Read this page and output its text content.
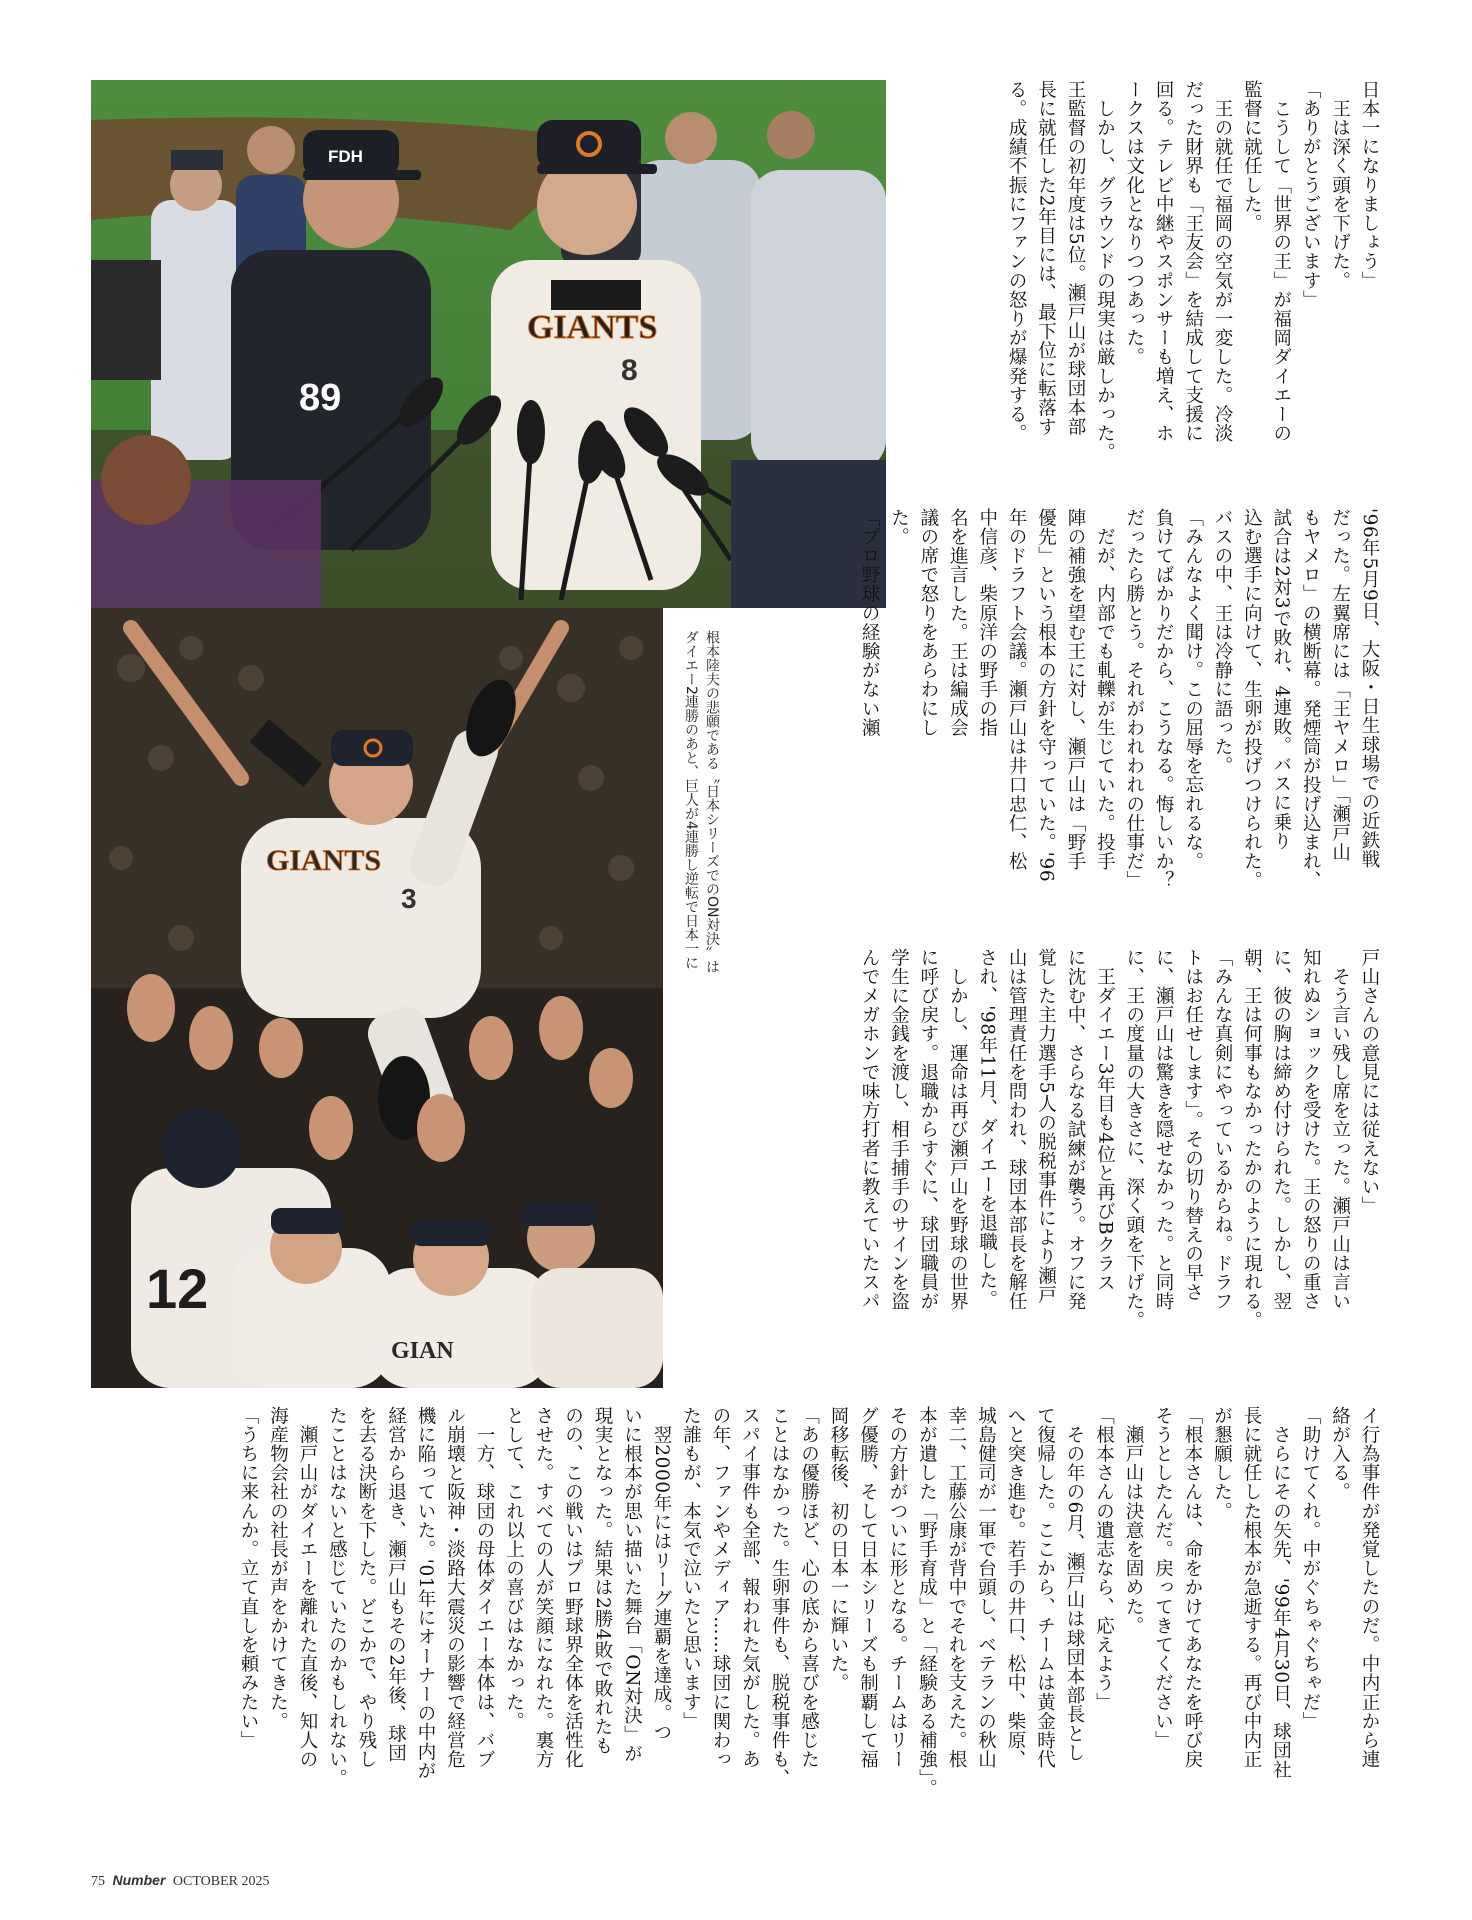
FDH
89
GIANTS
8
GIANTS
3
12
GIAN
根本陸夫の悲願である〝日本シリーズでのON対決〟は
ダイエー2連勝のあと、巨人が4連勝し逆転で日本一に
日本一になりましょう」
　王は深く頭を下げた。
「ありがとうございます」
　こうして「世界の王」が福岡ダイエーの
監督に就任した。
　王の就任で福岡の空気が一変した。冷淡
だった財界も「王友会」を結成して支援に
回る。テレビ中継やスポンサーも増え、ホ
ークスは文化となりつつあった。
　しかし、グラウンドの現実は厳しかった。
王監督の初年度は5位。瀬戸山が球団本部
長に就任した2年目には、最下位に転落す
る。成績不振にファンの怒りが爆発する。
'96年5月9日、大阪・日生球場での近鉄戦
だった。左翼席には「王ヤメロ」「瀬戸山
もヤメロ」の横断幕。発煙筒が投げ込まれ、
試合は2対3で敗れ、4連敗。バスに乗り
込む選手に向けて、生卵が投げつけられた。
バスの中、王は冷静に語った。
「みんなよく聞け。この屈辱を忘れるな。
負けてばかりだから、こうなる。悔しいか？
だったら勝とう。それがわれわれの仕事だ」
　だが、内部でも軋轢が生じていた。投手
陣の補強を望む王に対し、瀬戸山は「野手
優先」という根本の方針を守っていた。'96
年のドラフト会議。瀬戸山は井口忠仁、松
中信彦、柴原洋の野手の指
名を進言した。王は編成会
議の席で怒りをあらわにし
た。
「プロ野球の経験がない瀬
戸山さんの意見には従えない」
　そう言い残し席を立った。瀬戸山は言い
知れぬショックを受けた。王の怒りの重さ
に、彼の胸は締め付けられた。しかし、翌
朝、王は何事もなかったかのように現れる。
「みんな真剣にやっているからね。ドラフ
トはお任せします」。その切り替えの早さ
に、瀬戸山は驚きを隠せなかった。と同時
に、王の度量の大きさに、深く頭を下げた。
　王ダイエー3年目も4位と再びBクラス
に沈む中、さらなる試練が襲う。オフに発
覚した主力選手5人の脱税事件により瀬戸
山は管理責任を問われ、球団本部長を解任
され、'98年11月、ダイエーを退職した。
　しかし、運命は再び瀬戸山を野球の世界
に呼び戻す。退職からすぐに、球団職員が
学生に金銭を渡し、相手捕手のサインを盗
んでメガホンで味方打者に教えていたスパ
イ行為事件が発覚したのだ。中内正から連
絡が入る。
「助けてくれ。中がぐちゃぐちゃだ」
　さらにその矢先、'99年4月30日、球団社
長に就任した根本が急逝する。再び中内正
が懇願した。
「根本さんは、命をかけてあなたを呼び戻
そうとしたんだ。戻ってきてください」
　瀬戸山は決意を固めた。
「根本さんの遺志なら、応えよう」
　その年の6月、瀬戸山は球団本部長とし
て復帰した。ここから、チームは黄金時代
へと突き進む。若手の井口、松中、柴原、
城島健司が一軍で台頭し、ベテランの秋山
幸二、工藤公康が背中でそれを支えた。根
本が遺した「野手育成」と「経験ある補強」。
その方針がついに形となる。チームはリー
グ優勝、そして日本シリーズも制覇して福
岡移転後、初の日本一に輝いた。
「あの優勝ほど、心の底から喜びを感じた
ことはなかった。生卵事件も、脱税事件も、
スパイ事件も全部、報われた気がした。あ
の年、ファンやメディア……球団に関わっ
た誰もが、本気で泣いたと思います」
　翌2000年にはリーグ連覇を達成。つ
いに根本が思い描いた舞台「ON対決」が
現実となった。結果は2勝4敗で敗れたも
のの、この戦いはプロ野球界全体を活性化
させた。すべての人が笑顔になれた。裏方
として、これ以上の喜びはなかった。
　一方、球団の母体ダイエー本体は、バブ
ル崩壊と阪神・淡路大震災の影響で経営危
機に陥っていた。'01年にオーナーの中内が
経営から退き、瀬戸山もその2年後、球団
を去る決断を下した。どこかで、やり残し
たことはないと感じていたのかもしれない。
　瀬戸山がダイエーを離れた直後、知人の
海産物会社の社長が声をかけてきた。
「うちに来んか。立て直しを頼みたい」
75 Number OCTOBER 2025
